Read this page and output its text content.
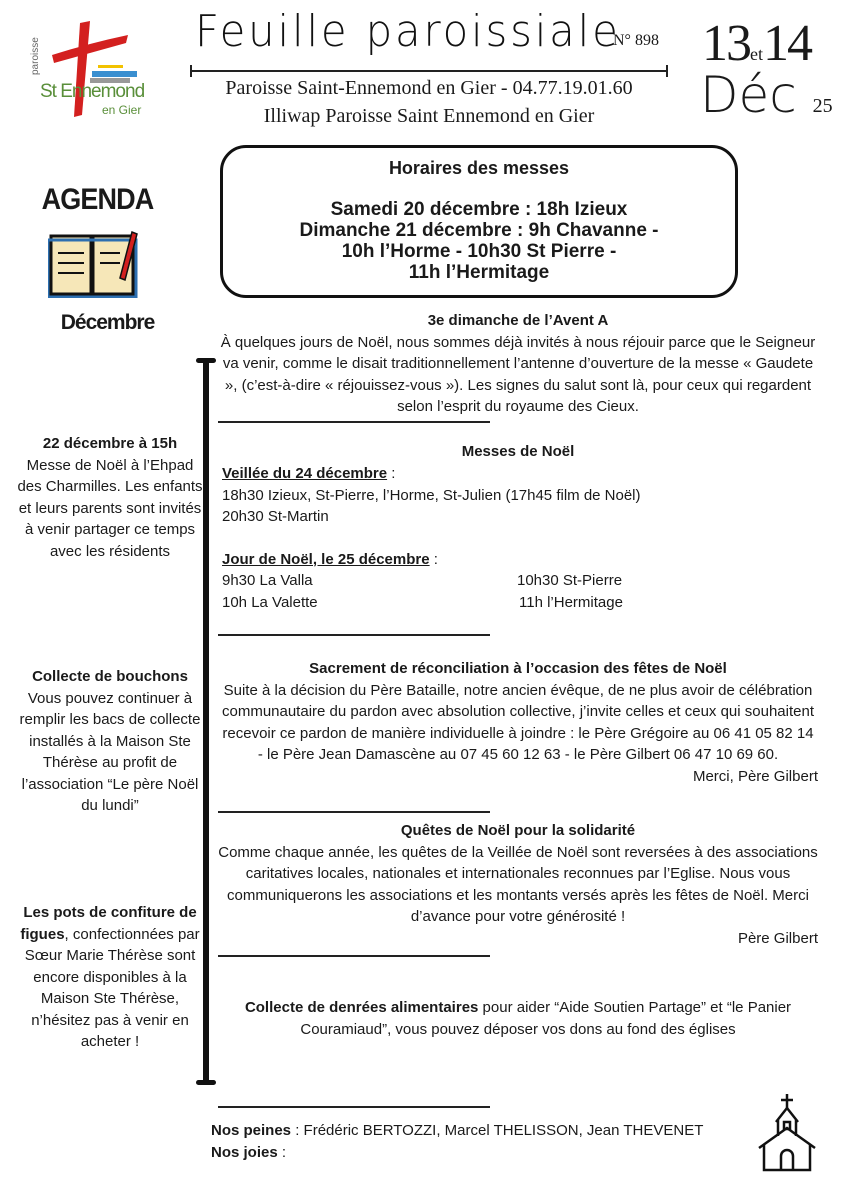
paroisse
St Ennemond
en Gier
Feuille paroissiale
N° 898
Paroisse Saint-Ennemond en Gier - 04.77.19.01.60
Illiwap Paroisse Saint Ennemond en Gier
13et14
Déc 25
Horaires des messes
Samedi 20 décembre : 18h Izieux
Dimanche 21 décembre : 9h Chavanne -
10h l’Horme - 10h30 St Pierre -
11h l’Hermitage
AGENDA
Décembre
22 décembre à 15h
Messe de Noël à l’Ehpad des Charmilles. Les enfants et leurs parents sont invités à venir partager ce temps avec les résidents
Collecte de bouchons
Vous pouvez continuer à remplir les bacs de collecte installés à la Maison Ste Thérèse au profit de l’association “Le père Noël du lundi”
Les pots de confiture de figues, confectionnées par Sœur Marie Thérèse sont encore disponibles à la Maison Ste Thérèse, n’hésitez pas à venir en acheter !
3e dimanche de l’Avent A
À quelques jours de Noël, nous sommes déjà invités à nous réjouir parce que le Seigneur va venir, comme le disait traditionnellement l’antenne d’ouverture de la messe « Gaudete », (c’est-à-dire « réjouissez-vous »). Les signes du salut sont là, pour ceux qui regardent selon l’esprit du royaume des Cieux.
Messes de Noël
Veillée du 24 décembre :
18h30 Izieux, St-Pierre, l’Horme, St-Julien (17h45 film de Noël)
20h30 St-Martin
Jour de Noël, le 25 décembre :
9h30 La Valla	10h30 St-Pierre
10h La Valette	11h l’Hermitage
Sacrement de réconciliation à l’occasion des fêtes de Noël
Suite à la décision du Père Bataille, notre ancien évêque, de ne plus avoir de célébration communautaire du pardon avec absolution collective, j’invite celles et ceux qui souhaitent recevoir ce pardon de manière individuelle à joindre : le Père Grégoire au 06 41 05 82 14 - le Père Jean Damascène au 07 45 60 12 63 - le Père Gilbert 06 47 10 69 60.
Merci, Père Gilbert
Quêtes de Noël pour la solidarité
Comme chaque année, les quêtes de la Veillée de Noël sont reversées à des associations caritatives locales, nationales et internationales reconnues par l’Eglise. Nous vous communiquerons les associations et les montants versés après les fêtes de Noël. Merci d’avance pour votre générosité !
Père Gilbert
Collecte de denrées alimentaires pour aider “Aide Soutien Partage” et “le Panier Couramiaud”, vous pouvez déposer vos dons au fond des églises
Nos peines : Frédéric BERTOZZI, Marcel THELISSON, Jean THEVENET
Nos joies :
